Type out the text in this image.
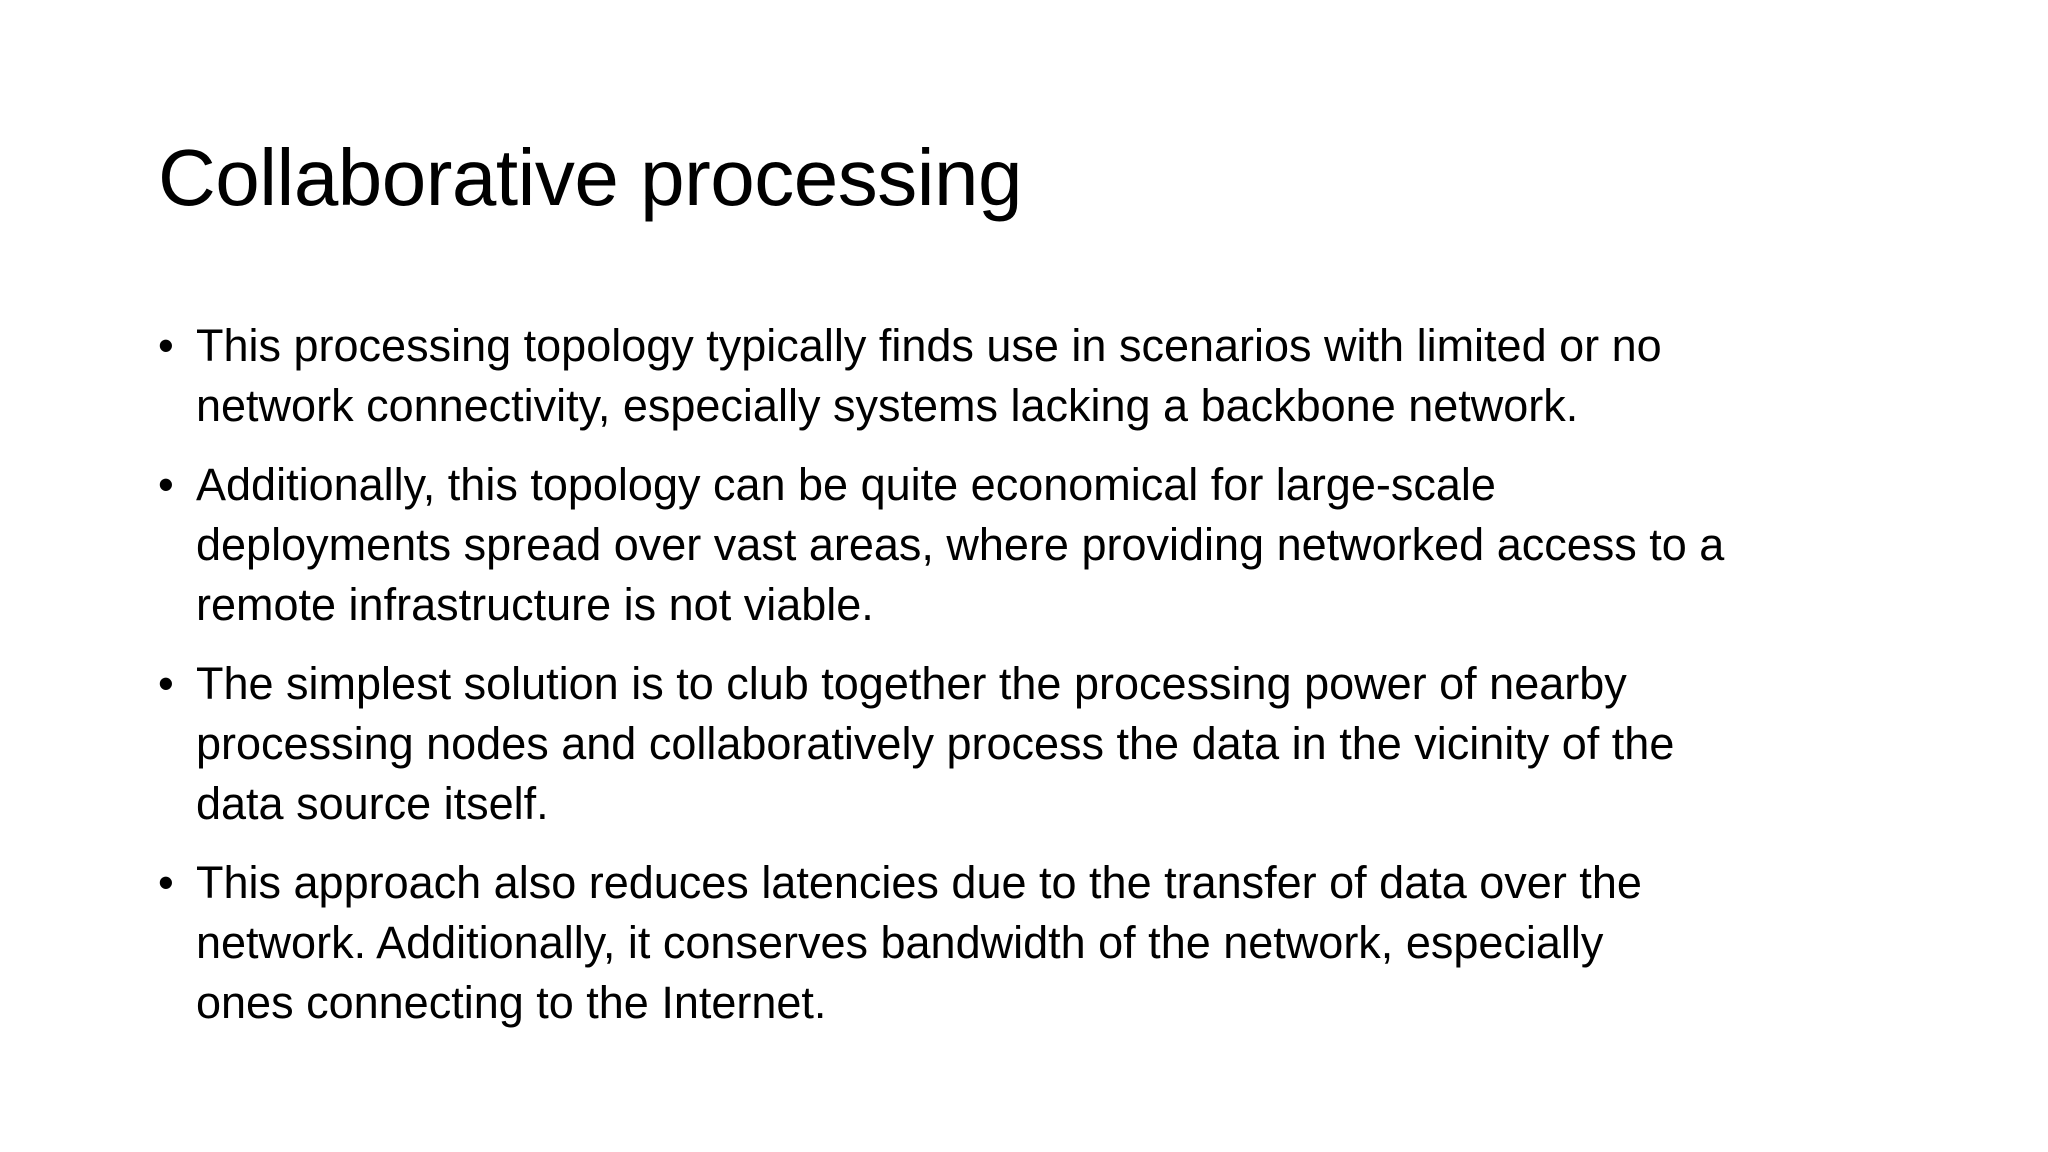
Collaborative processing
• This processing topology typically finds use in scenarios with limited or no
network connectivity, especially systems lacking a backbone network.
• Additionally, this topology can be quite economical for large-scale
deployments spread over vast areas, where providing networked access to a
remote infrastructure is not viable.
• The simplest solution is to club together the processing power of nearby
processing nodes and collaboratively process the data in the vicinity of the
data source itself.
• This approach also reduces latencies due to the transfer of data over the
network. Additionally, it conserves bandwidth of the network, especially
ones connecting to the Internet.
